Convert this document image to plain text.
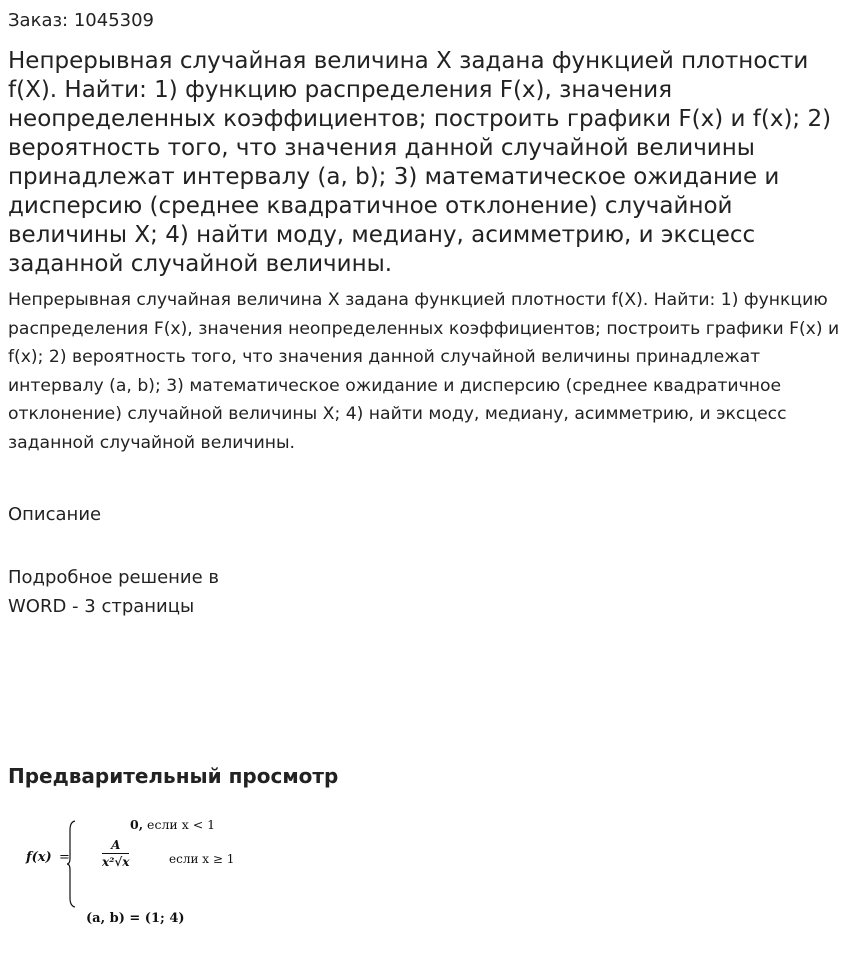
Заказ: 1045309
Непрерывная случайная величина X задана функцией плотности f(X). Найти: 1) функцию распределения F(x), значения неопределенных коэффициентов; построить графики F(x) и f(x); 2) вероятность того, что значения данной случайной величины принадлежат интервалу (a, b); 3) математическое ожидание и дисперсию (среднее квадратичное отклонение) случайной величины X; 4) найти моду, медиану, асимметрию, и эксцесс заданной случайной величины.

Непрерывная случайная величина X задана функцией плотности f(X). Найти: 1) функцию распределения F(x), значения неопределенных коэффициентов; построить графики F(x) и f(x); 2) вероятность того, что значения данной случайной величины принадлежат интервалу (a, b); 3) математическое ожидание и дисперсию (среднее квадратичное отклонение) случайной величины X; 4) найти моду, медиану, асимметрию, и эксцесс заданной случайной величины.

Описание
Подробное решение в
WORD - 3 страницы
Предварительный просмотр
f(x) =
0, если x < 1
$\frac{A}{\text{x²√x}}$	если x ≥ 1
(a, b) = (1; 4)
